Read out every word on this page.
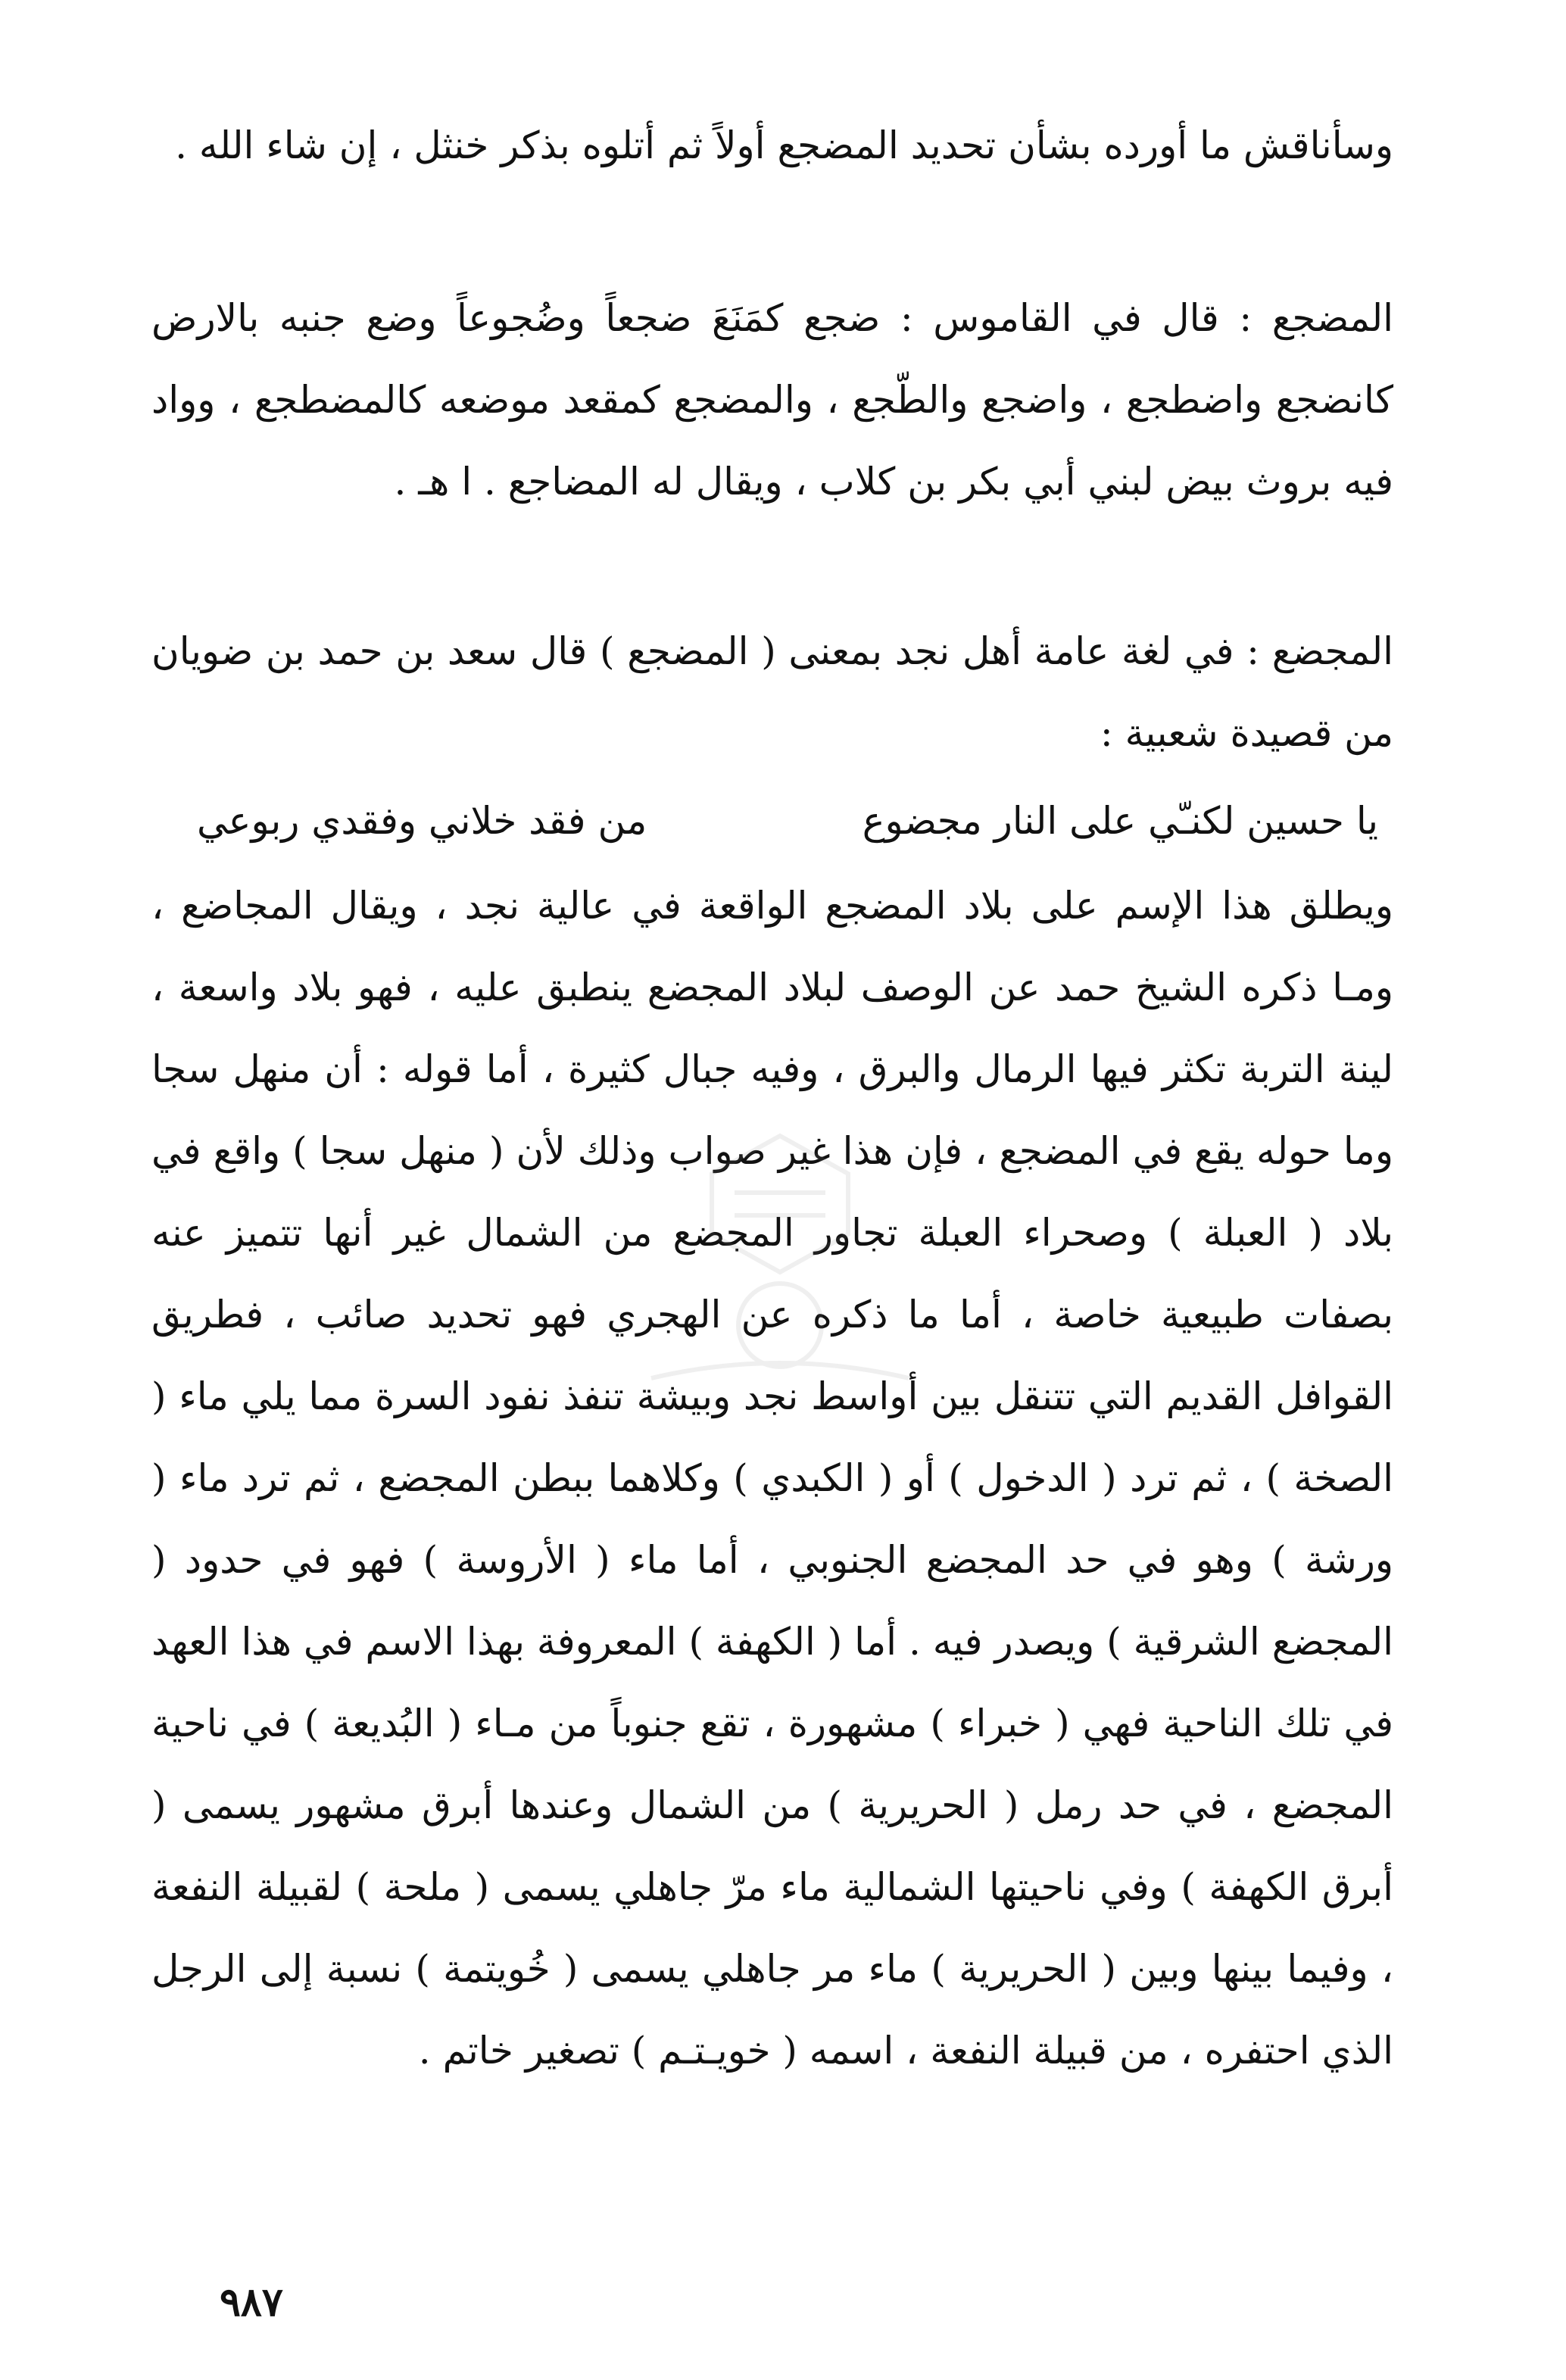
وسأناقش ما أورده بشأن تحديد المضجع أولاً ثم أتلوه بذكر خنثل ، إن شاء الله .

المضجع : قال في القاموس : ضجع كمَنَعَ ضجعاً وضُجوعاً وضع جنبه بالارض كانضجع واضطجع ، واضجع والطّجع ، والمضجع كمقعد موضعه كالمضطجع ، وواد فيه بروث بيض لبني أبي بكر بن كلاب ، ويقال له المضاجع . ا هـ .

المجضع : في لغة عامة أهل نجد بمعنى ( المضجع ) قال سعد بن حمد بن ضويان من قصيدة شعبية :

يا حسين لكنـّي على النار مجضوع
من فقد خلاني وفقدي ربوعي

ويطلق هذا الإسم على بلاد المضجع الواقعة في عالية نجد ، ويقال المجاضع ، ومـا ذكره الشيخ حمد عن الوصف لبلاد المجضع ينطبق عليه ، فهو بلاد واسعة ، لينة التربة تكثر فيها الرمال والبرق ، وفيه جبال كثيرة ، أما قوله : أن منهل سجا وما حوله يقع في المضجع ، فإن هذا غير صواب وذلك لأن ( منهل سجا ) واقع في بلاد ( العبلة ) وصحراء العبلة تجاور المجضع من الشمال غير أنها تتميز عنه بصفات طبيعية خاصة ، أما ما ذكره عن الهجري فهو تحديد صائب ، فطريق القوافل القديم التي تتنقل بين أواسط نجد وبيشة تنفذ نفود السرة مما يلي ماء ( الصخة ) ، ثم ترد ( الدخول ) أو ( الكبدي ) وكلاهما ببطن المجضع ، ثم ترد ماء ( ورشة ) وهو في حد المجضع الجنوبي ، أما ماء ( الأروسة ) فهو في حدود ( المجضع الشرقية ) ويصدر فيه . أما ( الكهفة ) المعروفة بهذا الاسم في هذا العهد في تلك الناحية فهي ( خبراء ) مشهورة ، تقع جنوباً من مـاء ( البُديعة ) في ناحية المجضع ، في حد رمل ( الحريرية ) من الشمال وعندها أبرق مشهور يسمى ( أبرق الكهفة ) وفي ناحيتها الشمالية ماء مرّ جاهلي يسمى ( ملحة ) لقبيلة النفعة ، وفيما بينها وبين ( الحريرية ) ماء مر جاهلي يسمى ( خُويتمة ) نسبة إلى الرجل الذي احتفره ، من قبيلة النفعة ، اسمه ( خويـتـم ) تصغير خاتم .

٩٨٧
